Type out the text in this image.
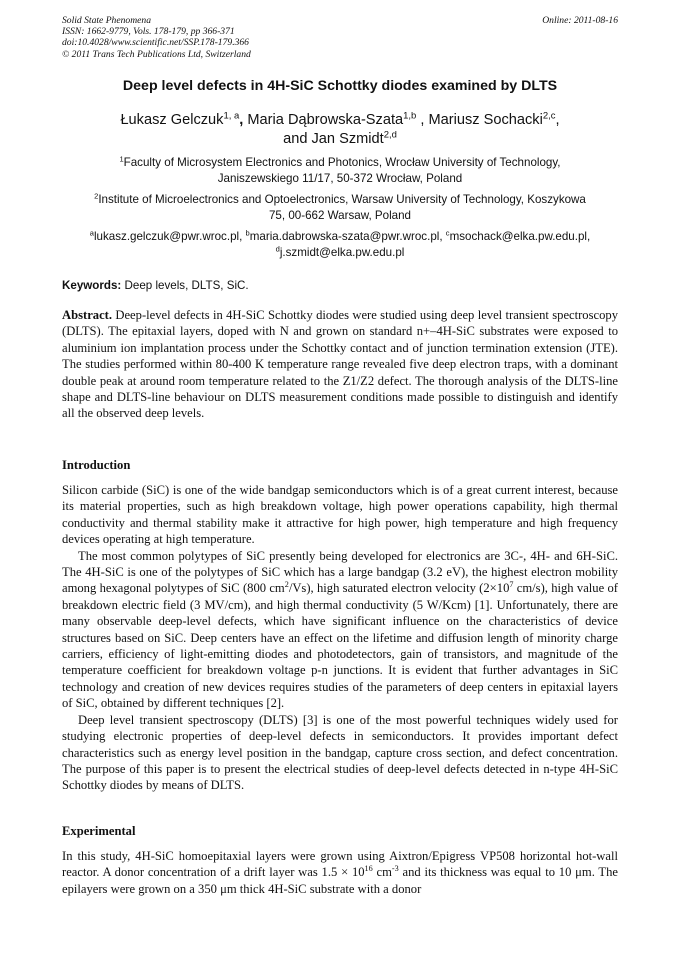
Solid State Phenomena
ISSN: 1662-9779, Vols. 178-179, pp 366-371
doi:10.4028/www.scientific.net/SSP.178-179.366
© 2011 Trans Tech Publications Ltd, Switzerland
Online: 2011-08-16
Deep level defects in 4H-SiC Schottky diodes examined by DLTS
Łukasz Gelczuk$^{1, a}$, Maria Dąbrowska-Szata$^{1,b}$ , Mariusz Sochacki$^{2,c}$,
and Jan Szmidt$^{2,d}$
$^1$Faculty of Microsystem Electronics and Photonics, Wrocław University of Technology,
Janiszewskiego 11/17, 50-372 Wrocław, Poland
$^2$Institute of Microelectronics and Optoelectronics, Warsaw University of Technology, Koszykowa
75, 00-662 Warsaw, Poland
$^a$lukasz.gelczuk@pwr.wroc.pl, $^b$maria.dabrowska-szata@pwr.wroc.pl, $^c$msochack@elka.pw.edu.pl,
$^d$j.szmidt@elka.pw.edu.pl
Keywords: Deep levels, DLTS, SiC.

Abstract. Deep-level defects in 4H-SiC Schottky diodes were studied using deep level transient spectroscopy (DLTS). The epitaxial layers, doped with N and grown on standard n+–4H-SiC substrates were exposed to aluminium ion implantation process under the Schottky contact and of junction termination extension (JTE). The studies performed within 80-400 K temperature range revealed five deep electron traps, with a dominant double peak at around room temperature related to the Z1/Z2 defect. The thorough analysis of the DLTS-line shape and DLTS-line behaviour on DLTS measurement conditions made possible to distinguish and identify all the observed deep levels.

Introduction

Silicon carbide (SiC) is one of the wide bandgap semiconductors which is of a great current interest, because its material properties, such as high breakdown voltage, high power operations capability, high thermal conductivity and thermal stability make it attractive for high power, high temperature and high frequency devices operating at high temperature.

The most common polytypes of SiC presently being developed for electronics are 3C-, 4H- and 6H-SiC. The 4H-SiC is one of the polytypes of SiC which has a large bandgap (3.2 eV), the highest electron mobility among hexagonal polytypes of SiC (800 $cm^2/Vs$), high saturated electron velocity ($2\times 10^7$ cm/s), high value of breakdown electric field (3 MV/cm), and high thermal conductivity (5 W/Kcm) [1]. Unfortunately, there are many observable deep-level defects, which have significant influence on the characteristics of device structures based on SiC. Deep centers have an effect on the lifetime and diffusion length of minority charge carriers, efficiency of light-emitting diodes and photodetectors, gain of transistors, and magnitude of the temperature coefficient for breakdown voltage p-n junctions. It is evident that further advantages in SiC technology and creation of new devices requires studies of the parameters of deep centers in epitaxial layers of SiC, obtained by different techniques [2].

Deep level transient spectroscopy (DLTS) [3] is one of the most powerful techniques widely used for studying electronic properties of deep-level defects in semiconductors. It provides important defect characteristics such as energy level position in the bandgap, capture cross section, and defect concentration. The purpose of this paper is to present the electrical studies of deep-level defects detected in n-type 4H-SiC Schottky diodes by means of DLTS.

Experimental

In this study, 4H-SiC homoepitaxial layers were grown using Aixtron/Epigress VP508 horizontal hot-wall reactor. A donor concentration of a drift layer was $1.5 \times 10^{16}$ $cm^{-3}$ and its thickness was equal to 10 μm. The epilayers were grown on a 350 μm thick 4H-SiC substrate with a donor
